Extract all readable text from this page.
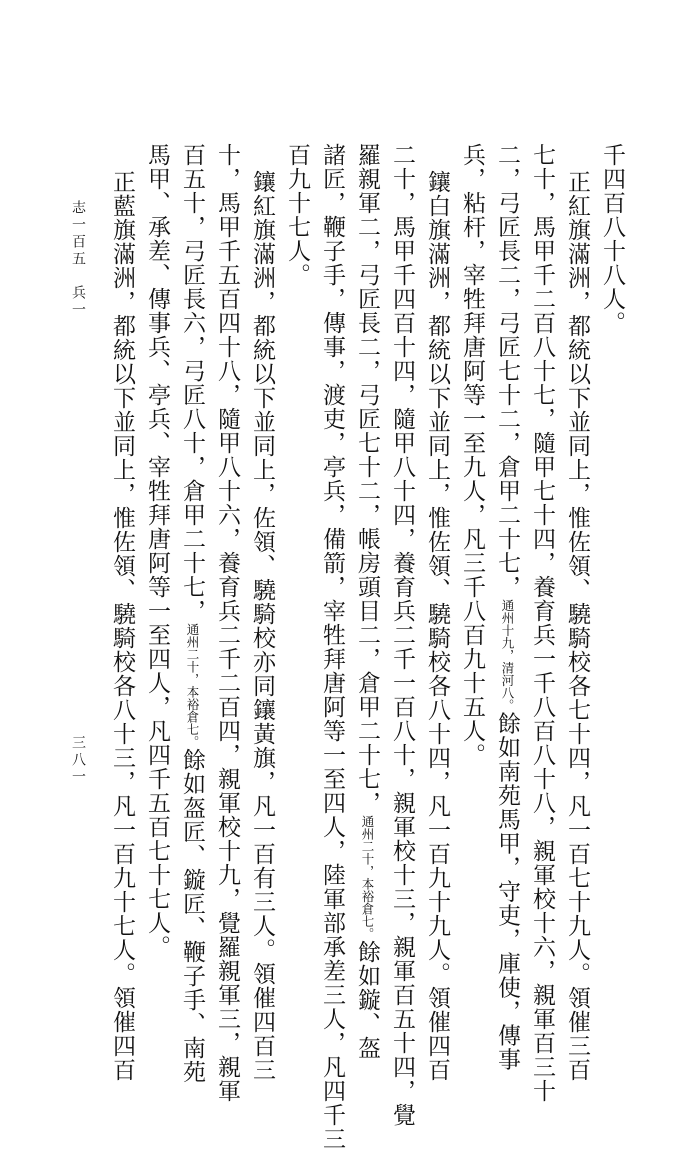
千四百八十八人。
正紅旗滿洲，都統以下並同上，惟佐領、驍騎校各七十四，凡一百七十九人。領催三百
七十，馬甲千二百八十七，隨甲七十四，養育兵一千八百八十八，親軍校十六，親軍百三十
二，弓匠長二，弓匠七十二，倉甲二十七，通州十九，清河八。餘如南苑馬甲，守吏，庫使，傳事
兵，粘杆，宰牲拜唐阿等一至九人，凡三千八百九十五人。
鑲白旗滿洲，都統以下並同上，惟佐領、驍騎校各八十四，凡一百九十九人。領催四百
二十，馬甲千四百十四，隨甲八十四，養育兵二千一百八十，親軍校十三，親軍百五十四，覺
羅親軍二，弓匠長二，弓匠七十二，帳房頭目二，倉甲二十七，通州二十，本裕倉七。餘如鏇、盔
諸匠，鞭子手，傳事，渡吏，亭兵，備箭，宰牲拜唐阿等一至四人，陸軍部承差三人，凡四千三
百九十七人。
鑲紅旗滿洲，都統以下並同上，佐領、驍騎校亦同鑲黃旗，凡一百有三人。領催四百三
十，馬甲千五百四十八，隨甲八十六，養育兵二千二百四，親軍校十九，覺羅親軍三，親軍
百五十，弓匠長六，弓匠八十，倉甲二十七，通州二十，本裕倉七。餘如盔匠、鏇匠、鞭子手、南苑
馬甲、承差、傳事兵、亭兵、宰牲拜唐阿等一至四人，凡四千五百七十七人。
正藍旗滿洲，都統以下並同上，惟佐領、驍騎校各八十三，凡一百九十七人。領催四百
志一百五　兵一
三八一
